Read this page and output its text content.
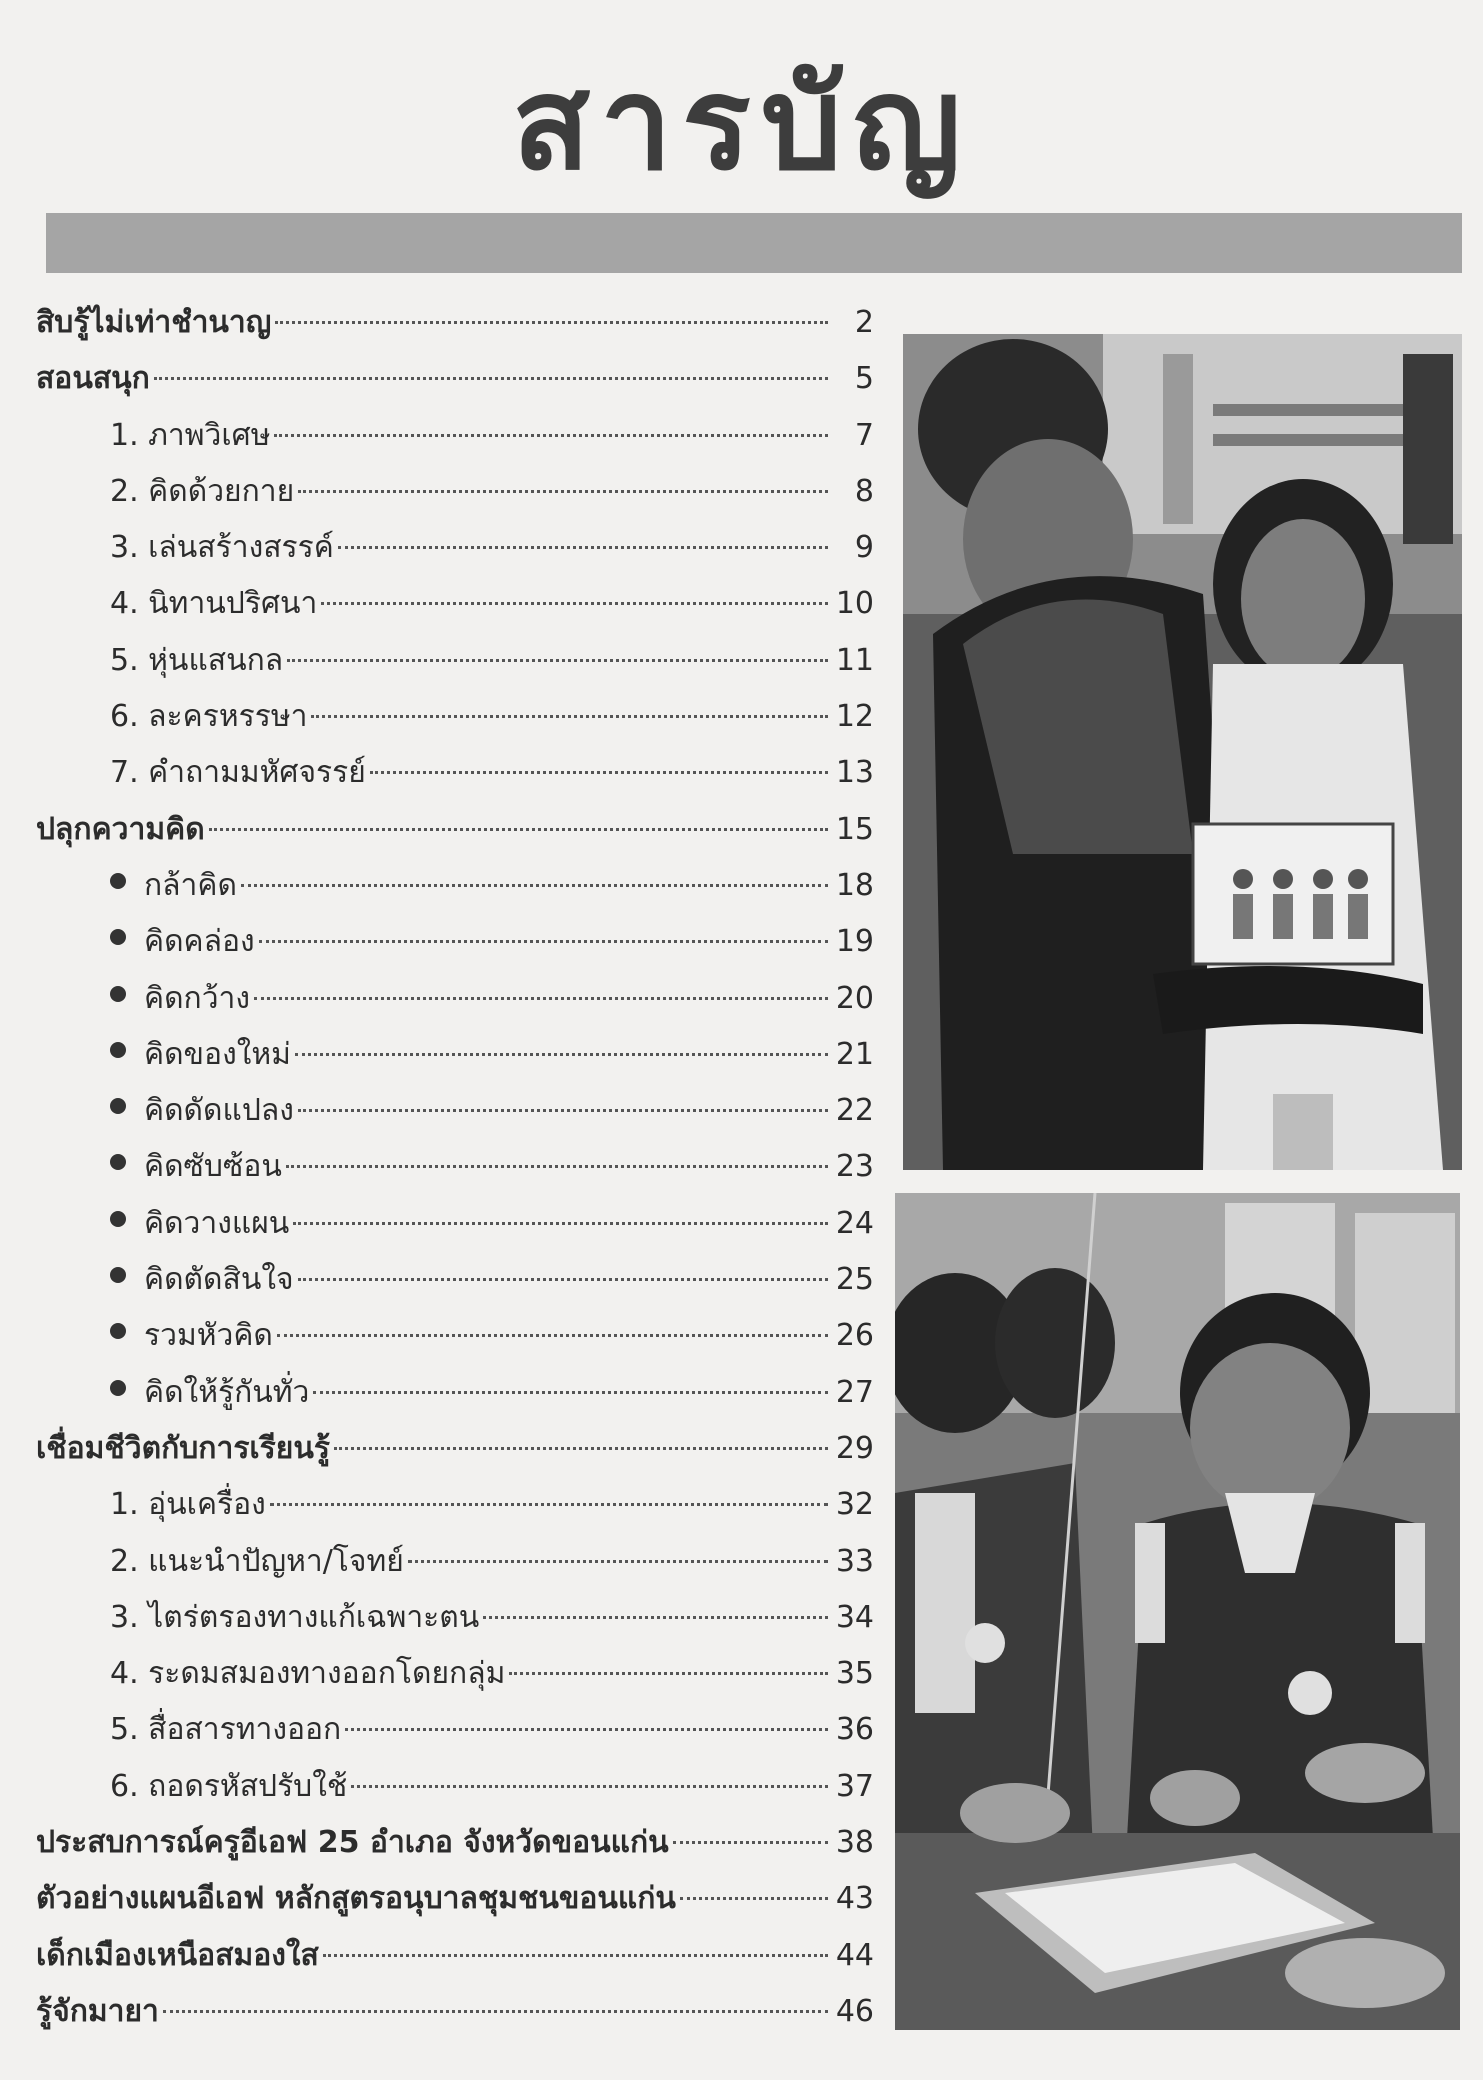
สารบัญ
สิบรู้ไม่เท่าชำนาญ	2
สอนสนุก	5
1. ภาพวิเศษ	7
2. คิดด้วยกาย	8
3. เล่นสร้างสรรค์	9
4. นิทานปริศนา	10
5. หุ่นแสนกล	11
6. ละครหรรษา	12
7. คำถามมหัศจรรย์	13
ปลุกความคิด	15
กล้าคิด	18
คิดคล่อง	19
คิดกว้าง	20
คิดของใหม่	21
คิดดัดแปลง	22
คิดซับซ้อน	23
คิดวางแผน	24
คิดตัดสินใจ	25
รวมหัวคิด	26
คิดให้รู้กันทั่ว	27
เชื่อมชีวิตกับการเรียนรู้	29
1. อุ่นเครื่อง	32
2. แนะนำปัญหา/โจทย์	33
3. ไตร่ตรองทางแก้เฉพาะตน	34
4. ระดมสมองทางออกโดยกลุ่ม	35
5. สื่อสารทางออก	36
6. ถอดรหัสปรับใช้	37
ประสบการณ์ครูอีเอฟ 25 อำเภอ จังหวัดขอนแก่น	38
ตัวอย่างแผนอีเอฟ หลักสูตรอนุบาลชุมชนขอนแก่น	43
เด็กเมืองเหนือสมองใส	44
รู้จักมายา	46
